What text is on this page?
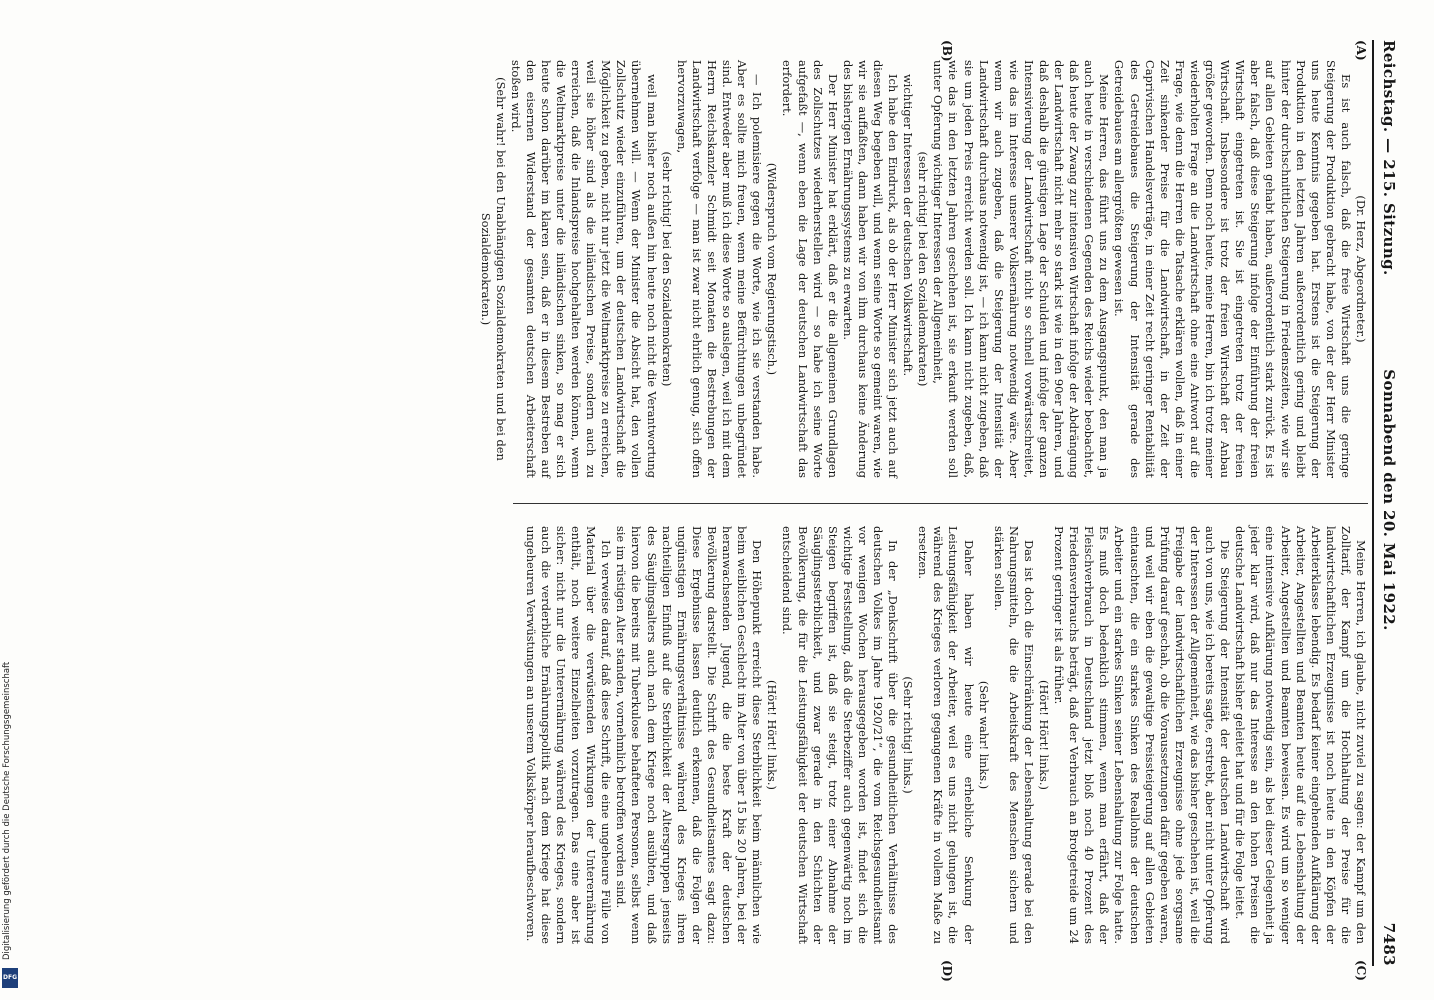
Reichstag. — 215. Sitzung.
Sonnabend den 20. Mai 1922.
7483

(Dr. Herz, Abgeordneter.)

Es ist auch falsch, daß die freie Wirtschaft uns die geringe Steigerung der Produktion gebracht habe, von der der Herr Minister uns heute Kenntnis gegeben hat. Erstens ist die Steigerung der Produktion in den letzten Jahren außerordentlich gering und bleibt hinter der durchschnittlichen Steigerung in Friedenszeiten, wie wir sie auf allen Gebieten gehabt haben, außerordentlich stark zurück. Es ist aber falsch, daß diese Steigerung infolge der Einführung der freien Wirtschaft eingetreten ist. Sie ist eingetreten trotz der freien Wirtschaft. Insbesondere ist trotz der freien Wirtschaft der Anbau größer geworden. Denn noch heute, meine Herren, bin ich trotz meiner wiederholten Frage an die Landwirtschaft ohne eine Antwort auf die Frage, wie denn die Herren die Tatsache erklären wollen, daß in einer Zeit sinkender Preise für die Landwirtschaft, in der Zeit der Caprivischen Handelsverträge, in einer Zeit recht geringer Rentabilität des Getreidebaues die Steigerung der Intensität gerade des Getreidebaues am allergrößten gewesen ist.

Meine Herren, das führt uns zu dem Ausgangspunkt, den man ja auch heute in verschiedenen Gegenden des Reichs wieder beobachtet, daß heute der Zwang zur intensiven Wirtschaft infolge der Abdrängung der Landwirtschaft nicht mehr so stark ist wie in den 90er Jahren, und daß deshalb die günstigen Lage der Schulden und infolge der ganzen Intensivierung der Landwirtschaft nicht so schnell vorwärtsschreitet, wie das im Interesse unserer Volksernährung notwendig wäre. Aber wenn wir auch zugeben, daß die Steigerung der Intensität der Landwirtschaft durchaus notwendig ist, — ich kann nicht zugeben, daß sie um jeden Preis erreicht werden soll. Ich kann nicht zugeben, daß, wie das in den letzten Jahren geschehen ist, sie erkauft werden soll unter Opferung wichtiger Interessen der Allgemeinheit,

(sehr richtig! bei den Sozialdemokraten)

wichtiger Interessen der deutschen Volkswirtschaft.

Ich habe den Eindruck, als ob der Herr Minister sich jetzt auch auf diesen Weg begeben will, und wenn seine Worte so gemeint waren, wie wir sie auffaßten, dann haben wir von ihm durchaus keine Änderung des bisherigen Ernährungssystems zu erwarten.

Der Herr Minister hat erklärt, daß er die allgemeinen Grundlagen des Zollschutzes wiederherstellen wird — so habe ich seine Worte aufgefaßt —, wenn eben die Lage der deutschen Landwirtschaft das erfordert.

(Widerspruch vom Regierungstisch.)

— Ich polemisiere gegen die Worte, wie ich sie verstanden habe. Aber es sollte mich freuen, wenn meine Befürchtungen unbegründet sind. Entweder aber muß ich diese Worte so auslegen, weil ich mit dem Herrn Reichskanzler Schmidt seit Monaten die Bestrebungen der Landwirtschaft verfolge — man ist zwar nicht ehrlich genug, sich offen hervorzuwagen,

(sehr richtig! bei den Sozialdemokraten)

weil man bisher noch außen hin heute noch nicht die Verantwortung übernehmen will. — Wenn der Minister die Absicht hat, den vollen Zollschutz wieder einzuführen, um der deutschen Landwirtschaft die Möglichkeit zu geben, nicht nur jetzt die Weltmarktpreise zu erreichen, weil sie höher sind als die inländischen Preise, sondern auch zu erreichen, daß die Inlandspreise hochgehalten werden können, wenn die Weltmarktpreise unter die inländischen sinken, so mag er sich heute schon darüber im klaren sein, daß er in diesem Bestreben auf den eisernen Widerstand der gesamten deutschen Arbeiterschaft stoßen wird.

(Sehr wahr! bei den Unabhängigen Sozialdemokraten und bei den Sozialdemokraten.)

Meine Herren, ich glaube, nicht zuviel zu sagen: der Kampf um den Zolltarif, der Kampf um die Hochhaltung der Preise für die landwirtschaftlichen Erzeugnisse ist noch heute in den Köpfen der Arbeiterklasse lebendig. Es bedarf keiner eingehenden Aufklärung der Arbeiter, Angestellten und Beamten heute auf die Lebenshaltung der Arbeiter, Angestellten und Beamten beweisen. Es wird um so weniger eine intensive Aufklärung notwendig sein, als bei dieser Gelegenheit ja jeder klar wird, daß nur das Interesse an den hohen Preisen die deutsche Landwirtschaft bisher geleitet hat und für die Folge leitet.

Die Steigerung der Intensität der deutschen Landwirtschaft wird auch von uns, wie ich bereits sagte, erstrebt, aber nicht unter Opferung der Interessen der Allgemeinheit, wie das bisher geschehen ist, weil die Freigabe der landwirtschaftlichen Erzeugnisse ohne jede sorgsame Prüfung darauf geschah, ob die Voraussetzungen dafür gegeben waren, und weil wir eben die gewaltige Preissteigerung auf allen Gebieten eintauschten, die ein starkes Sinken des Reallohns der deutschen Arbeiter und ein starkes Sinken seiner Lebenshaltung zur Folge hatte. Es muß doch bedenklich stimmen, wenn man erfährt, daß der Fleischverbrauch in Deutschland jetzt bloß noch 40 Prozent des Friedensverbrauchs beträgt, daß der Verbrauch an Brotgetreide um 24 Prozent geringer ist als früher.

(Hört! Hört! links.)

Das ist doch die Einschränkung der Lebenshaltung gerade bei den Nahrungsmitteln, die die Arbeitskraft des Menschen sichern und stärken sollen.

(Sehr wahr! links.)

Daher haben wir heute eine erhebliche Senkung der Leistungsfähigkeit der Arbeiter, weil es uns nicht gelungen ist, die während des Krieges verloren gegangenen Kräfte in vollem Maße zu ersetzen.

(Sehr richtig! links.)

In der „Denkschrift über die gesundheitlichen Verhältnisse des deutschen Volkes im Jahre 1920/21“, die vom Reichsgesundheitsamt vor wenigen Wochen herausgegeben worden ist, findet sich die wichtige Feststellung, daß die Sterbeziffer auch gegenwärtig noch im Steigen begriffen ist, daß sie steigt, trotz einer Abnahme der Säuglingssterblichkeit, und zwar gerade in den Schichten der Bevölkerung, die für die Leistungsfähigkeit der deutschen Wirtschaft entscheidend sind.

(Hört! Hört! links.)

Den Höhepunkt erreicht diese Sterblichkeit beim männlichen wie beim weiblichen Geschlecht im Alter von über 15 bis 20 Jahren, bei der heranwachsenden Jugend, die die beste Kraft der deutschen Bevölkerung darstellt. Die Schrift des Gesundheitsamtes sagt dazu: Diese Ergebnisse lassen deutlich erkennen, daß die Folgen der ungünstigen Ernährungsverhältnisse während des Krieges ihren nachteiligen Einfluß auf die Sterblichkeit der Altersgruppen jenseits des Säuglingsalters auch nach dem Kriege noch ausübten, und daß hiervon die bereits mit Tuberkulose behafteten Personen, selbst wenn sie im rüstigen Alter standen, vornehmlich betroffen worden sind.

Ich verweise darauf, daß diese Schrift, die eine ungeheure Fülle von Material über die verwüstenden Wirkungen der Unterernährung enthält, noch weitere Einzelheiten vorzutragen. Das eine aber ist sicher: nicht nur die Unterernährung während des Krieges, sondern auch die verderbliche Ernährungspolitik nach dem Kriege hat diese ungeheuren Verwüstungen an unserem Volkskörper heraufbeschworen.

(A)
(B)
(C)
(D)
Digitalisierung gefördert durch die Deutsche Forschungsgemeinschaft
DFG
